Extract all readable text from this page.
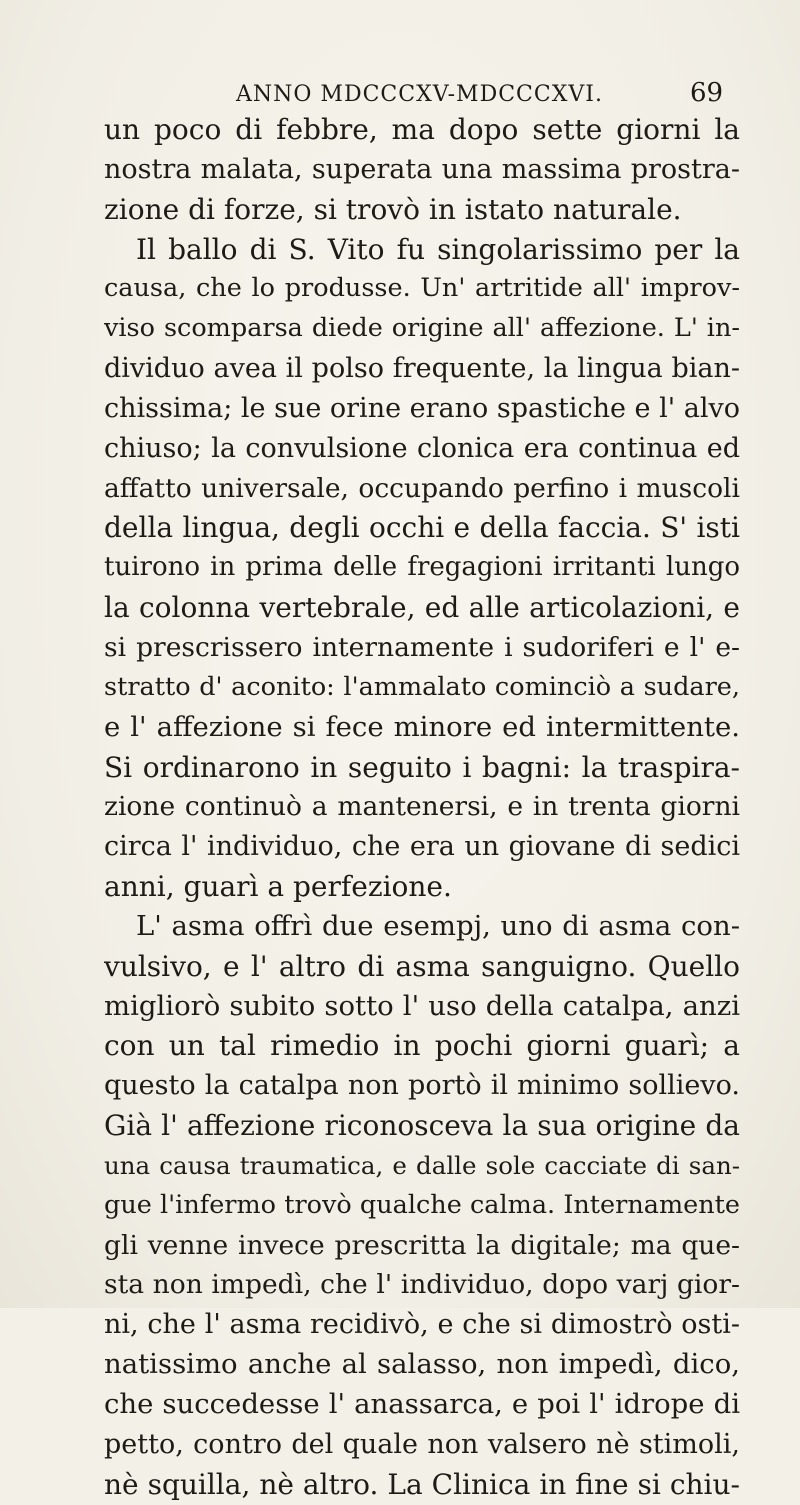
ANNO MDCCCXV-MDCCCXVI.	69
un poco di febbre, ma dopo sette giorni la
nostra malata, superata una massima prostra-
zione di forze, si trovò in istato naturale.
Il ballo di S. Vito fu singolarissimo per la
causa, che lo produsse. Un' artritide all' improv-
viso scomparsa diede origine all' affezione. L' in-
dividuo avea il polso frequente, la lingua bian-
chissima; le sue orine erano spastiche e l' alvo
chiuso; la convulsione clonica era continua ed
affatto universale, occupando perfino i muscoli
della lingua, degli occhi e della faccia. S' isti
tuirono in prima delle fregagioni irritanti lungo
la colonna vertebrale, ed alle articolazioni, e
si prescrissero internamente i sudoriferi e l' e-
stratto d' aconito: l'ammalato cominciò a sudare,
e l' affezione si fece minore ed intermittente.
Si ordinarono in seguito i bagni: la traspira-
zione continuò a mantenersi, e in trenta giorni
circa l' individuo, che era un giovane di sedici
anni, guarì a perfezione.
L' asma offrì due esempj, uno di asma con-
vulsivo, e l' altro di asma sanguigno. Quello
migliorò subito sotto l' uso della catalpa, anzi
con un tal rimedio in pochi giorni guarì; a
questo la catalpa non portò il minimo sollievo.
Già l' affezione riconosceva la sua origine da
una causa traumatica, e dalle sole cacciate di san-
gue l'infermo trovò qualche calma. Internamente
gli venne invece prescritta la digitale; ma que-
sta non impedì, che l' individuo, dopo varj gior-
ni, che l' asma recidivò, e che si dimostrò osti-
natissimo anche al salasso, non impedì, dico,
che succedesse l' anassarca, e poi l' idrope di
petto, contro del quale non valsero nè stimoli,
nè squilla, nè altro. La Clinica in fine si chiu-
